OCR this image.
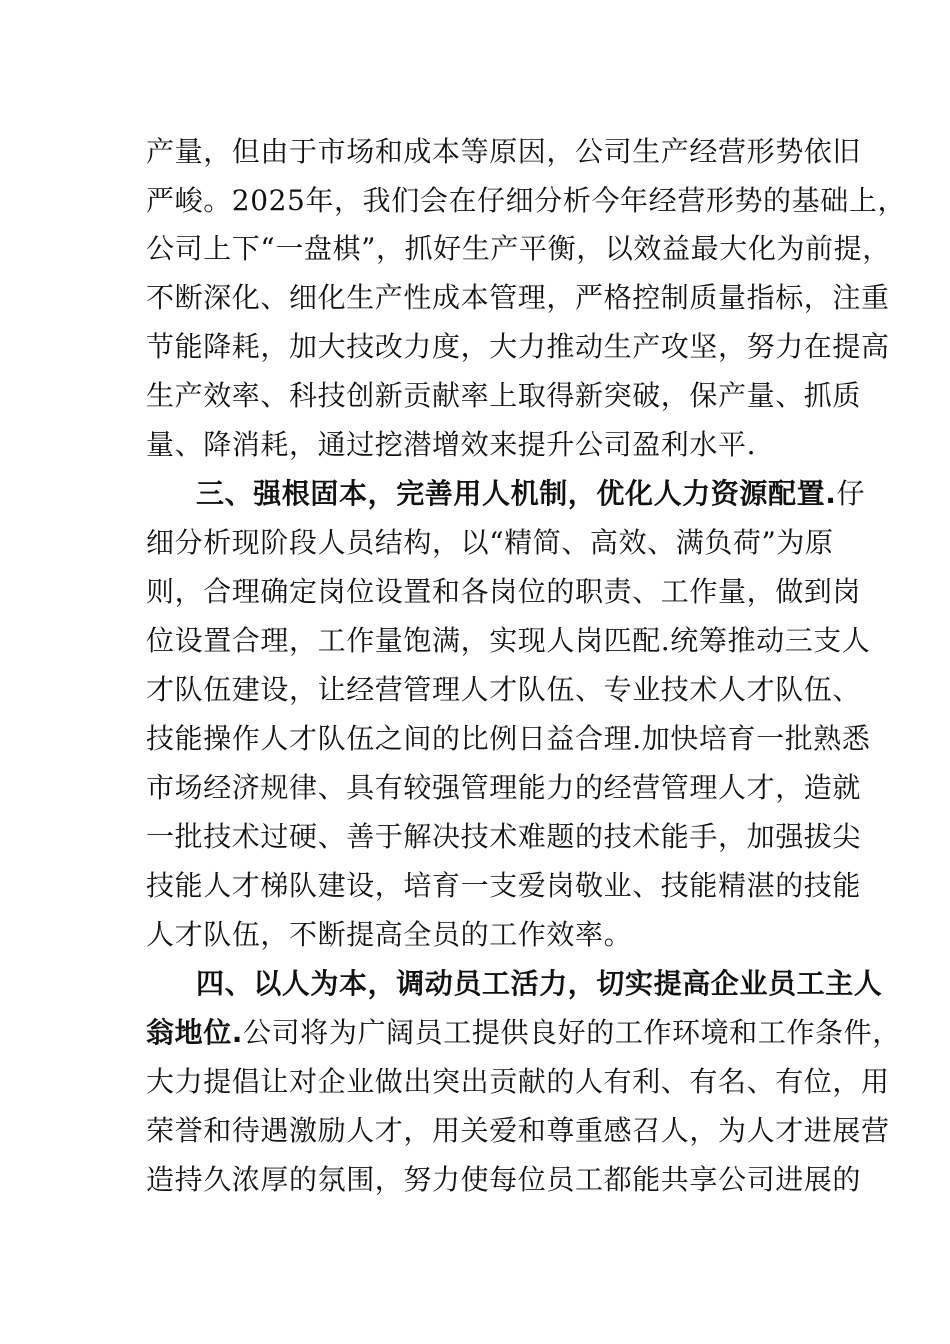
产量，但由于市场和成本等原因，公司生产经营形势依旧
严峻。2025年，我们会在仔细分析今年经营形势的基础上，
公司上下“一盘棋”，抓好生产平衡，以效益最大化为前提，
不断深化、细化生产性成本管理，严格控制质量指标，注重
节能降耗，加大技改力度，大力推动生产攻坚，努力在提高
生产效率、科技创新贡献率上取得新突破，保产量、抓质
量、降消耗，通过挖潜增效来提升公司盈利水平.
三、强根固本，完善用人机制，优化人力资源配置.仔
细分析现阶段人员结构，以“精简、高效、满负荷”为原
则，合理确定岗位设置和各岗位的职责、工作量，做到岗
位设置合理，工作量饱满，实现人岗匹配.统筹推动三支人
才队伍建设，让经营管理人才队伍、专业技术人才队伍、
技能操作人才队伍之间的比例日益合理.加快培育一批熟悉
市场经济规律、具有较强管理能力的经营管理人才，造就
一批技术过硬、善于解决技术难题的技术能手，加强拔尖
技能人才梯队建设，培育一支爱岗敬业、技能精湛的技能
人才队伍，不断提高全员的工作效率。
四、以人为本，调动员工活力，切实提高企业员工主人
翁地位.公司将为广阔员工提供良好的工作环境和工作条件，
大力提倡让对企业做出突出贡献的人有利、有名、有位，用
荣誉和待遇激励人才，用关爱和尊重感召人，为人才进展营
造持久浓厚的氛围，努力使每位员工都能共享公司进展的
